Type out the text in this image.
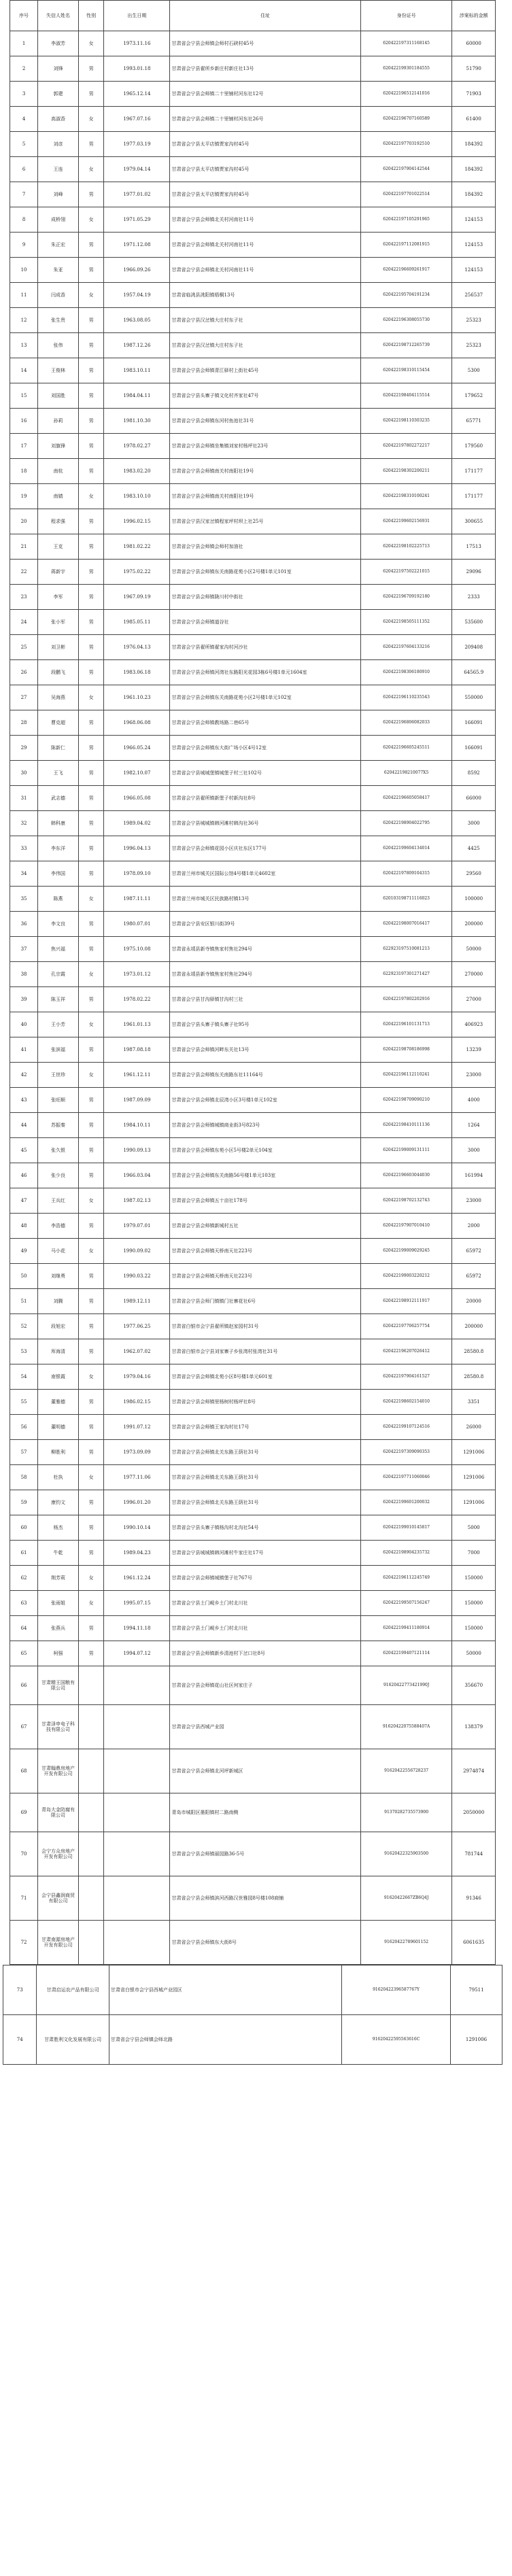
序号	失信人姓名	性别	出生日期	住址	身份证号	涉案标的金额
1	李淑芳	女	1973.11.16	甘肃省会宁县会师镇会师村石硖村45号	620422197311168145	60000
2	刘锋	男	1993.01.18	甘肃省会宁县翟所乡新庄村新庄社13号	620422199301184555	51790
3	郭建	男	1965.12.14	甘肃省会宁县会师镇二十里铺村河东社12号	620422196512141016	71903
4	高淑香	女	1967.07.16	甘肃省会宁县会师镇二十里铺村河东社26号	620422196707160589	61400
5	刘彦	男	1977.03.19	甘肃省会宁县太平店镇贾家沟村45号	620422197703192510	184392
6	王连	女	1979.04.14	甘肃省会宁县太平店镇贾家沟村45号	620422197904142544	184392
7	刘峰	男	1977.01.02	甘肃省会宁县太平店镇贾家沟村45号	620422197701022514	184392
8	成桥翎	女	1971.05.29	甘肃省会宁县会师镇北关村河南社11号	620422197105291965	124153
9	朱正宏	男	1971.12.08	甘肃省会宁县会师镇北关村河南社11号	620422197112081915	124153
10	朱亚	男	1966.09.26	甘肃省会宁县会师镇北关村河南社11号	620422196609261917	124153
11	闫成香	女	1957.04.19	甘肃省临洮县洮阳镇梧桐13号	620422195704191234	256537
12	张生贵	男	1963.08.05	甘肃省会宁县汉岔镇大庄村东子社	620422196308055730	25323
13	张伟	男	1987.12.26	甘肃省会宁县汉岔镇大庄村东子社	620422198712265739	25323
14	王俊林	男	1983.10.11	甘肃省会宁县会师镇青江驿村上街社45号	620422198310115454	5300
15	刘国胜	男	1984.04.11	甘肃省会宁县头寨子镇文化村齐家社47号	620422198404115514	179652
16	孙莉	男	1981.10.30	甘肃省会宁县会师镇东河村鱼池社31号	620422198110303235	65771
17	刘旗锋	男	1978.02.27	甘肃省会宁县会师镇坐集镇刘家村杨坪社23号	620422197802272217	179560
18	南杭	男	1983.02.20	甘肃省会宁县会师镇南关村南阳社19号	620422198302200211	171177
19	南婧	女	1983.10.10	甘肃省会宁县会师镇南关村南阳社19号	620422198310100241	171177
20	程求强	男	1996.02.15	甘肃省会宁县汉家岔镇程家坪村坝上社25号	620422199602156931	300655
21	王克	男	1981.02.22	甘肃省会宁县会师镇会师村加油社	620422198102225713	17513
22	蒋新宇	男	1975.02.22	甘肃省会宁县会师镇东关南路花苑小区2号楼1单元101室	620422197502221015	29096
23	李军	男	1967.09.19	甘肃省会宁县会师镇陇川村中街社	620422196709192180	2333
24	张小军	男	1985.05.11	甘肃省会宁县会师镇道谷社	620422198505111352	535600
25	刘卫彬	男	1976.04.13	甘肃省会宁县翟所镇翟家沟村河沙社	620422197604133216	209408
26	段鹏飞	男	1983.06.18	甘肃省会宁县会师镇河湾社东路阳光花园3栋6号楼1单元1604室	620422198306180910	64565.9
27	吴海燕	女	1961.10.23	甘肃省会宁县会师镇东关南路花苑小区2号楼1单元102室	620422196110235543	550000
28	曹克超	男	1968.06.08	甘肃省会宁县会师镇教场路二巷65号	620422196806082033	166091
29	陈新仁	男	1966.05.24	甘肃省会宁县会师镇东大街广场小区4号12室	620422196605245511	166091
30	王飞	男	1982.10.07	甘肃省会宁县城城堡镇城堡子村三社102号	620422198210077X5	8592
31	武志德	男	1966.05.08	甘肃省会宁县翟所镇新堡子村新沟社8号	620422196605058417	66000
32	韩科康	男	1989.04.02	甘肃省会宁县城城镇韩河滩村韩沟社36号	620422198904022795	3000
33	李东洋	男	1996.04.13	甘肃省会宁县会师镇花园小区庆社东区177号	620422199604134014	4425
34	李伟国	男	1978.09.10	甘肃省兰州市城关区国际公馆4号楼1单元4602室	620422197809104315	29560
35	陈燕	女	1987.11.11	甘肃省兰州市城关区民族路村镇13号	620103198711116023	100000
36	李文良	男	1980.07.01	甘肃省会宁县安区银川街39号	620422198007016417	200000
37	焦兴福	男	1975.10.08	甘肃省永靖县新寺镇焦家村焦社294号	622923197510081213	50000
38	孔宗霞	女	1973.01.12	甘肃省永靖县新寺镇焦家村焦社294号	622923197301271427	270000
39	陈玉祥	男	1978.02.22	甘肃省会宁县甘沟驿镇甘沟村三社	620422197802202916	27000
40	王小芳	女	1961.01.13	甘肃省会宁县头寨子镇头寨子社95号	620422196101131713	406923
41	张滨福	男	1987.08.18	甘肃省会宁县会师镇河畔东关社13号	620422198708186998	13239
42	王世珍	女	1961.12.11	甘肃省会宁县会师镇东关南路东社11164号	620422196112110241	23000
43	张旺顺	男	1987.09.09	甘肃省会宁县会师镇北辰湾小区3号楼1单元102室	620422198709090210	4000
44	苏振秦	男	1984.10.11	甘肃省会宁县会师镇城镇商业街3号823号	620422198410111136	1264
45	张久银	男	1990.09.13	甘肃省会宁县会师镇东苑小区5号楼2单元104室	620422199009131111	3000
46	张少良	男	1966.03.04	甘肃省会宁县会师镇东关南路56号楼1单元103室	620422196603044030	161994
47	王兵红	女	1987.02.13	甘肃省会宁县会师镇五十亩社178号	620422198702132743	23000
48	李浩德	男	1979.07.01	甘肃省会宁县会师镇新城村五社	620422197907010410	2000
49	马小花	女	1990.09.02	甘肃省会宁县会师镇天桥南天社223号	620422199009029245	65972
50	刘继勇	男	1990.03.22	甘肃省会宁县会师镇天桥南天社223号	620422199003220212	65972
51	刘腾	男	1989.12.11	甘肃省会宁县会师门镇镇门社寨花社6号	620422198912111917	20000
52	段旭宏	男	1977.06.25	甘肃省白银市会宁县翟所镇赵家园村31号	620422197706257754	200000
53	厍海清	男	1962.07.02	甘肃省白银市会宁县刘家寨子乡张湾村张湾社31号	620422196207026412	28580.8
54	南银霞	女	1979.04.16	甘肃省会宁县会师镇北苑小区8号楼1单元601室	620422197904161527	28580.8
55	董雅德	男	1986.02.15	甘肃省会宁县会师镇里杨树村杨坪社8号	620422198602154010	3351
56	董明德	男	1991.07.12	甘肃省会宁县会师镇王家沟村社17号	620422199107124516	26000
57	柳胜利	男	1973.09.09	甘肃省会宁县会师镇北关东路王荫社31号	620422197309090353	1291006
58	杜执	女	1977.11.06	甘肃省会宁县会师镇北关东路王荫社31号	620422197711060046	1291006
59	康钧文	男	1996.01.20	甘肃省会宁县会师镇北关东路王荫社31号	620422199601200032	1291006
60	杨杰	男	1990.10.14	甘肃省会宁县头寨子镇杨沟村北沟社54号	620422199010145817	5000
61	牛乾	男	1989.04.23	甘肃省会宁县城城镇韩河滩村牛家庄社17号	620422198904235732	7000
62	荆芳莉	女	1961.12.24	甘肃省会宁县会师镇城镇堡子社767号	620422196112245749	150000
63	张雨姐	女	1995.07.15	甘肃省会宁县土门岘乡土门村北川社	620422199507156247	150000
64	张燕兵	男	1994.11.18	甘肃省会宁县土门岘乡土门村北川社	620422199411180914	150000
65	柯强	男	1994.07.12	甘肃省会宁县会师镇新乡清池村下岔口社8号	620422199407121114	50000
66	甘肃精王国粮有限公司			甘肃省会宁县会师镇花山社区何家庄子	91620422773421990J	356670
67	甘肃泽申电子科技有限公司			甘肃省会宁县西城产业园	91620422075588407A	138379
68	甘肃翰鼎房地产开发有限公司			甘肃省会宁县会师镇北河坪新城区	91620422556728237	2974874
69	青岛大金防腐有限公司			青岛市城阳区墨阳镇村二路南侧	91370282735573900	2050000
70	会宁方众房地产开发有限公司			甘肃省会宁县会师镇丽园路36-5号	91620422325903500	781744
71	会宁县鑫润商贸有限公司			甘肃省会宁县会师镇滨河西路汉世雅园8号楼108商铺	91620422667ZB6Q4J	91346
72	甘肃南源房地产开发有限公司			甘肃省会宁县会师镇东大街8号	91620422789601152	6061635
73	甘肃启运农产品有限公司	甘肃省白银市会宁县西城产业园区	91620422396587767Y	79511
74	甘肃胜利文化发展有限公司	甘肃省会宁县会师镇会师北路	91620422595563616C	1291006
